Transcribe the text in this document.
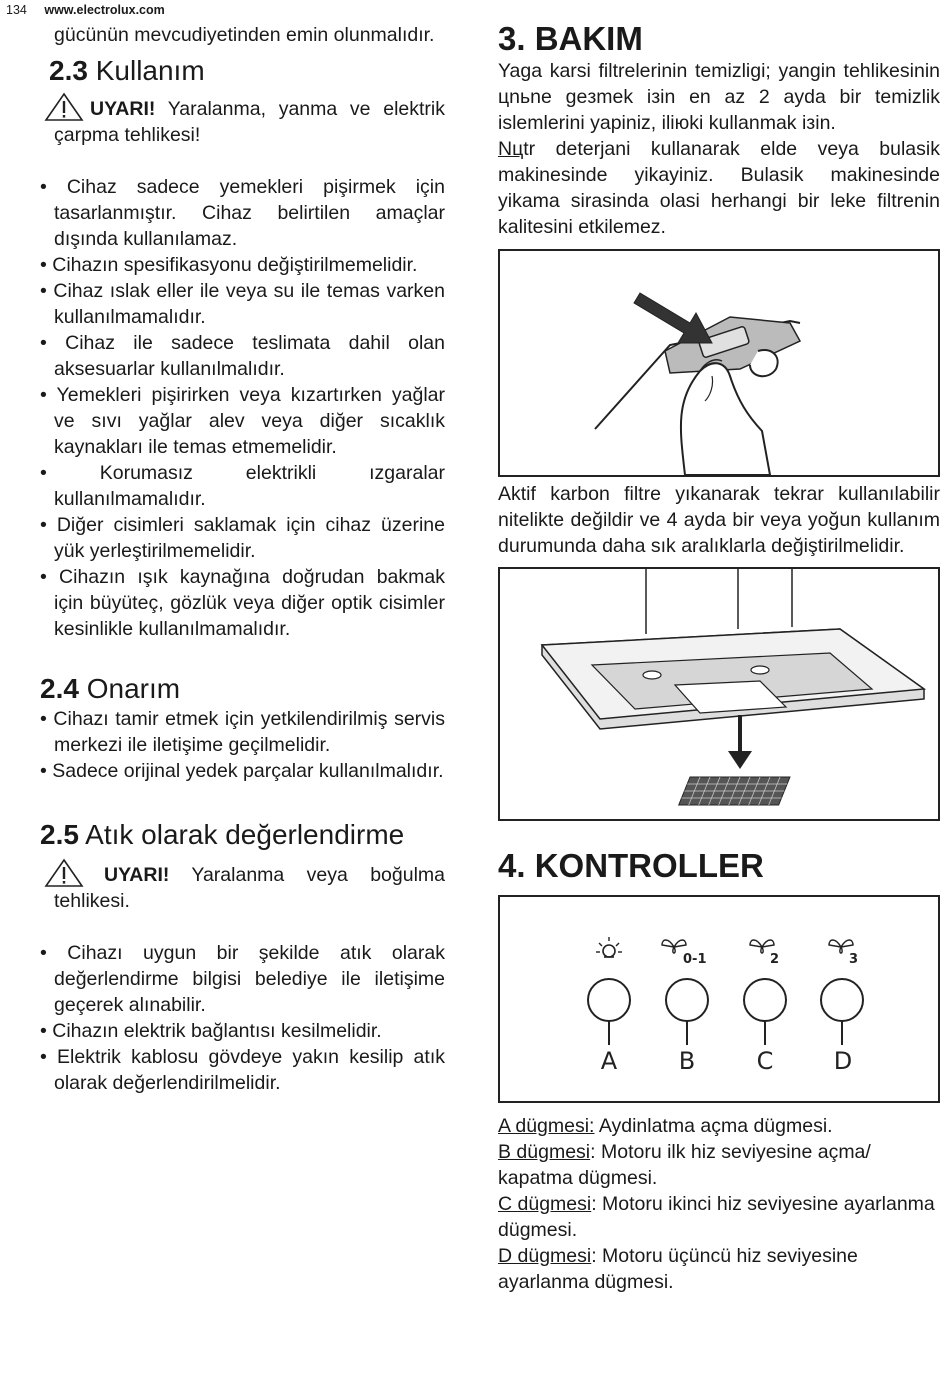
134 www.electrolux.com

gücünün mevcudiyetinden emin olunmalıdır.

2.3 Kullanım
UYARI! Yaralanma, yanma ve elektrik çarpma tehlikesi!
• Cihaz sadece yemekleri pişirmek için tasarlanmıştır. Cihaz belirtilen amaçlar dışında kullanılamaz.
• Cihazın spesifikasyonu değiştirilmemelidir.
• Cihaz ıslak eller ile veya su ile temas varken kullanılmamalıdır.
• Cihaz ile sadece teslimata dahil olan aksesuarlar kullanılmalıdır.
• Yemekleri pişirirken veya kızartırken yağlar ve sıvı yağlar alev veya diğer sıcaklık kaynakları ile temas etmemelidir.
• Korumasız elektrikli ızgaralar kullanılmamalıdır.
• Diğer cisimleri saklamak için cihaz üzerine yük yerleştirilmemelidir.
• Cihazın ışık kaynağına doğrudan bakmak için büyüteç, gözlük veya diğer optik cisimler kesinlikle kullanılmamalıdır.
2.4 Onarım
• Cihazı tamir etmek için yetkilendirilmiş servis merkezi ile iletişime geçilmelidir.
• Sadece orijinal yedek parçalar kullanılmalıdır.
2.5 Atık olarak değerlendirme
UYARI! Yaralanma veya boğulma tehlikesi.
• Cihazı uygun bir şekilde atık olarak değerlendirme bilgisi belediye ile iletişime geçerek alınabilir.
• Cihazın elektrik bağlantısı kesilmelidir.
• Elektrik kablosu gövdeye yakın kesilip atık olarak değerlendirilmelidir.
3. BAKIM

Yaga karsi filtrelerinin temizligi; yangin tehlikesinin цnьne geзmek iзin en az 2 ayda bir temizlik islemlerini yapiniz, iliюki kullanmak iзin.

Nцtr deterjani kullanarak elde veya bulasik makinesinde yikayiniz. Bulasik makinesinde yikama sirasinda olasi herhangi bir leke filtrenin kalitesini etkilemez.

Aktif karbon filtre yıkanarak tekrar kullanılabilir nitelikte değildir ve 4 ayda bir veya yoğun kullanım durumunda daha sık aralıklarla değiştirilmelidir.

4. KONTROLLER
0-1	2	3
A	B	C	D

A dügmesi: Aydinlatma açma dügmesi.

B dügmesi: Motoru ilk hiz seviyesine açma/ kapatma dügmesi.

C dügmesi: Motoru ikinci hiz seviyesine ayarlanma dügmesi.

D dügmesi: Motoru üçüncü hiz seviyesine ayarlanma dügmesi.
